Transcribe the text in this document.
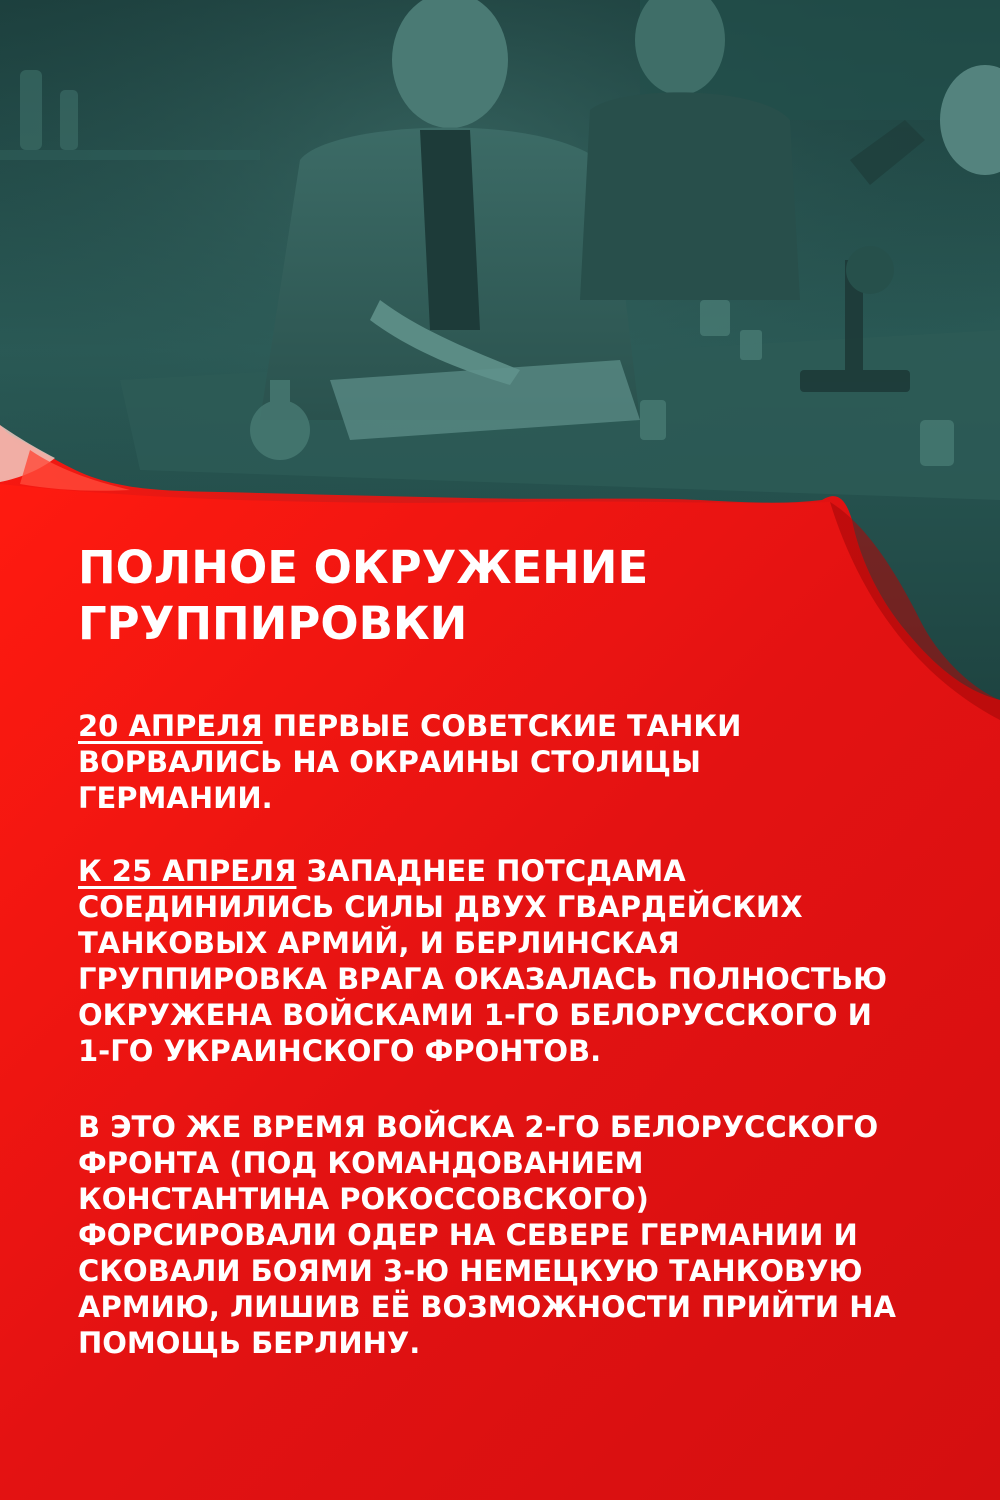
ПОЛНОЕ ОКРУЖЕНИЕ
ГРУППИРОВКИ

20 АПРЕЛЯ ПЕРВЫЕ СОВЕТСКИЕ ТАНКИ
ВОРВАЛИСЬ НА ОКРАИНЫ СТОЛИЦЫ
ГЕРМАНИИ.

К 25 АПРЕЛЯ ЗАПАДНЕЕ ПОТСДАМА
СОЕДИНИЛИСЬ СИЛЫ ДВУХ ГВАРДЕЙСКИХ
ТАНКОВЫХ АРМИЙ, И БЕРЛИНСКАЯ
ГРУППИРОВКА ВРАГА ОКАЗАЛАСЬ ПОЛНОСТЬЮ
ОКРУЖЕНА ВОЙСКАМИ 1-ГО БЕЛОРУССКОГО И
1-ГО УКРАИНСКОГО ФРОНТОВ.

В ЭТО ЖЕ ВРЕМЯ ВОЙСКА 2-ГО БЕЛОРУССКОГО
ФРОНТА (ПОД КОМАНДОВАНИЕМ
КОНСТАНТИНА РОКОССОВСКОГО)
ФОРСИРОВАЛИ ОДЕР НА СЕВЕРЕ ГЕРМАНИИ И
СКОВАЛИ БОЯМИ 3-Ю НЕМЕЦКУЮ ТАНКОВУЮ
АРМИЮ, ЛИШИВ ЕЁ ВОЗМОЖНОСТИ ПРИЙТИ НА
ПОМОЩЬ БЕРЛИНУ.
